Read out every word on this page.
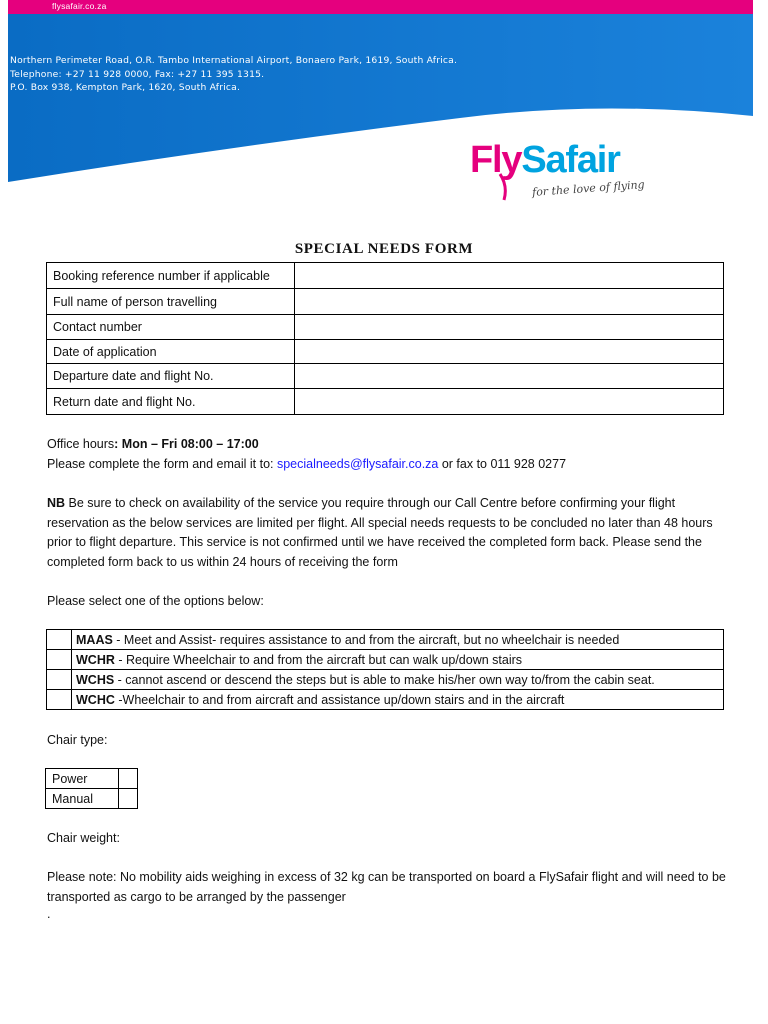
flysafair.co.za
Northern Perimeter Road, O.R. Tambo International Airport, Bonaero Park, 1619, South Africa.
Telephone: +27 11 928 0000, Fax: +27 11 395 1315.
P.O. Box 938, Kempton Park, 1620, South Africa.
FlySafair
for the love of flying
SPECIAL NEEDS FORM
Booking reference number if applicable	
Full name of person travelling	
Contact number	
Date of application	
Departure date and flight No.	
Return date and flight No.	
Office hours: Mon – Fri 08:00 – 17:00
Please complete the form and email it to: specialneeds@flysafair.co.za or fax to 011 928 0277
NB Be sure to check on availability of the service you require through our Call Centre before confirming your flight reservation as the below services are limited per flight. All special needs requests to be concluded no later than 48 hours prior to flight departure. This service is not confirmed until we have received the completed form back. Please send the completed form back to us within 24 hours of receiving the form
Please select one of the options below:
	MAAS - Meet and Assist- requires assistance to and from the aircraft, but no wheelchair is needed
	WCHR - Require Wheelchair to and from the aircraft but can walk up/down stairs
	WCHS - cannot ascend or descend the steps but is able to make his/her own way to/from the cabin seat.
	WCHC -Wheelchair to and from aircraft and assistance up/down stairs and in the aircraft
Chair type:
Power	
Manual	
Chair weight:
Please note: No mobility aids weighing in excess of 32 kg can be transported on board a FlySafair flight and will need to be transported as cargo to be arranged by the passenger
.
